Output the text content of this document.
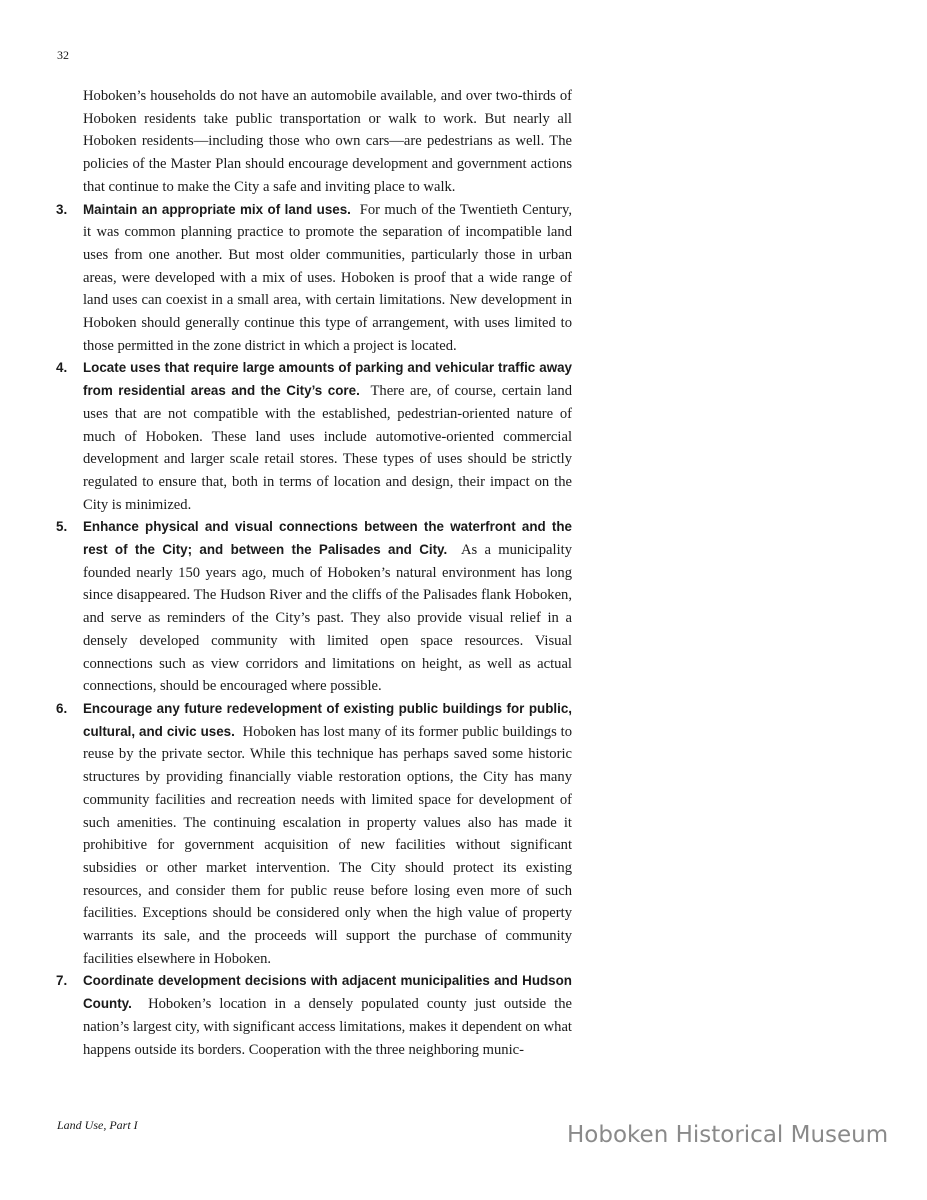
32

Hoboken’s households do not have an automobile available, and over two-thirds of Hoboken residents take public transportation or walk to work. But nearly all Hoboken residents—including those who own cars—are pedestrians as well. The policies of the Master Plan should encourage development and government actions that continue to make the City a safe and inviting place to walk.

3. Maintain an appropriate mix of land uses. For much of the Twentieth Century, it was common planning practice to promote the separation of incompatible land uses from one another. But most older communities, particularly those in urban areas, were developed with a mix of uses. Hoboken is proof that a wide range of land uses can coexist in a small area, with certain limitations. New development in Hoboken should generally continue this type of arrangement, with uses limited to those permitted in the zone district in which a project is located.

4. Locate uses that require large amounts of parking and vehicular traffic away from residential areas and the City’s core. There are, of course, certain land uses that are not compatible with the established, pedestrian-oriented nature of much of Hoboken. These land uses include automotive-oriented commercial development and larger scale retail stores. These types of uses should be strictly regulated to ensure that, both in terms of location and design, their impact on the City is minimized.

5. Enhance physical and visual connections between the waterfront and the rest of the City; and between the Palisades and City. As a municipality founded nearly 150 years ago, much of Hoboken’s natural environment has long since disappeared. The Hudson River and the cliffs of the Palisades flank Hoboken, and serve as reminders of the City’s past. They also provide visual relief in a densely developed community with limited open space resources. Visual connections such as view corridors and limitations on height, as well as actual connections, should be encouraged where possible.

6. Encourage any future redevelopment of existing public buildings for public, cultural, and civic uses. Hoboken has lost many of its former public buildings to reuse by the private sector. While this technique has perhaps saved some historic structures by providing financially viable restoration options, the City has many community facilities and recreation needs with limited space for development of such amenities. The continuing escalation in property values also has made it prohibitive for government acquisition of new facilities without significant subsidies or other market intervention. The City should protect its existing resources, and consider them for public reuse before losing even more of such facilities. Exceptions should be considered only when the high value of property warrants its sale, and the proceeds will support the purchase of community facilities elsewhere in Hoboken.

7. Coordinate development decisions with adjacent municipalities and Hudson County. Hoboken’s location in a densely populated county just outside the nation’s largest city, with significant access limitations, makes it dependent on what happens outside its borders. Cooperation with the three neighboring munic-

Land Use, Part I	Hoboken Historical Museum
